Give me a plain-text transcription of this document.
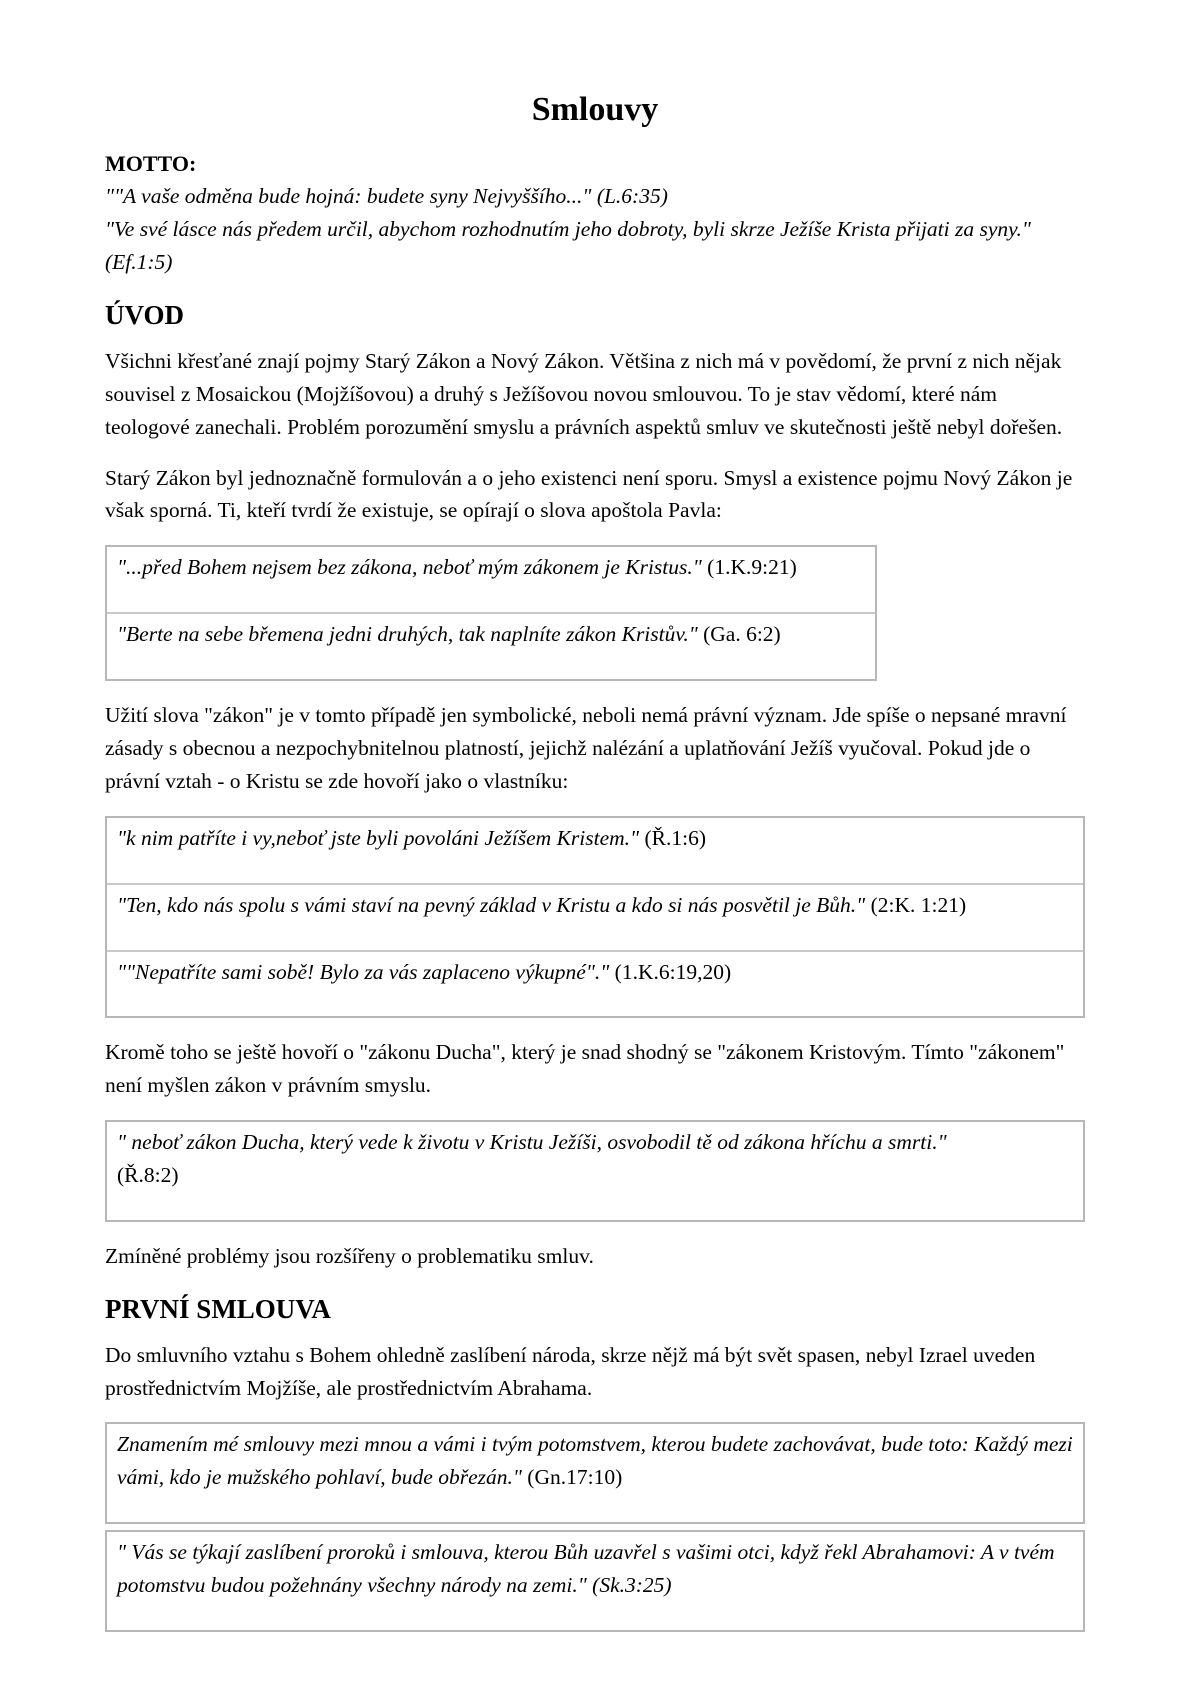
Smlouvy

MOTTO:

""A vaše odměna bude hojná: budete syny Nejvyššího..." (L.6:35)

"Ve své lásce nás předem určil, abychom rozhodnutím jeho dobroty, byli skrze Ježíše Krista přijati za syny." (Ef.1:5)

ÚVOD

Všichni křesťané znají pojmy Starý Zákon a Nový Zákon. Většina z nich má v povědomí, že první z nich nějak souvisel z Mosaickou (Mojžíšovou) a druhý s Ježíšovou novou smlouvou. To je stav vědomí, které nám teologové zanechali. Problém porozumění smyslu a právních aspektů smluv ve skutečnosti ještě nebyl dořešen.

Starý Zákon byl jednoznačně formulován a o jeho existenci není sporu. Smysl a existence pojmu Nový Zákon je však sporná. Ti, kteří tvrdí že existuje, se opírají o slova apoštola Pavla:

"...před Bohem nejsem bez zákona, neboť mým zákonem je Kristus." (1.K.9:21)
"Berte na sebe břemena jedni druhých, tak naplníte zákon Kristův." (Ga. 6:2)

Užití slova "zákon" je v tomto případě jen symbolické, neboli nemá právní význam. Jde spíše o nepsané mravní zásady s obecnou a nezpochybnitelnou platností, jejichž nalézání a uplatňování Ježíš vyučoval. Pokud jde o právní vztah - o Kristu se zde hovoří jako o vlastníku:

"k nim patříte i vy,neboť jste byli povoláni Ježíšem Kristem." (Ř.1:6)
"Ten, kdo nás spolu s vámi staví na pevný základ v Kristu a kdo si nás posvětil je Bůh." (2:K. 1:21)
""Nepatříte sami sobě! Bylo za vás zaplaceno výkupné"." (1.K.6:19,20)

Kromě toho se ještě hovoří o "zákonu Ducha", který je snad shodný se "zákonem Kristovým. Tímto "zákonem" není myšlen zákon v právním smyslu.

" neboť zákon Ducha, který vede k životu v Kristu Ježíši, osvobodil tě od zákona hříchu a smrti."
(Ř.8:2)

Zmíněné problémy jsou rozšířeny o problematiku smluv.

PRVNÍ SMLOUVA

Do smluvního vztahu s Bohem ohledně zaslíbení národa, skrze nějž má být svět spasen, nebyl Izrael uveden prostřednictvím Mojžíše, ale prostřednictvím Abrahama.

Znamením mé smlouvy mezi mnou a vámi i tvým potomstvem, kterou budete zachovávat, bude toto: Každý mezi vámi, kdo je mužského pohlaví, bude obřezán." (Gn.17:10)
" Vás se týkají zaslíbení proroků i smlouva, kterou Bůh uzavřel s vašimi otci, když řekl Abrahamovi: A v tvém potomstvu budou požehnány všechny národy na zemi." (Sk.3:25)
